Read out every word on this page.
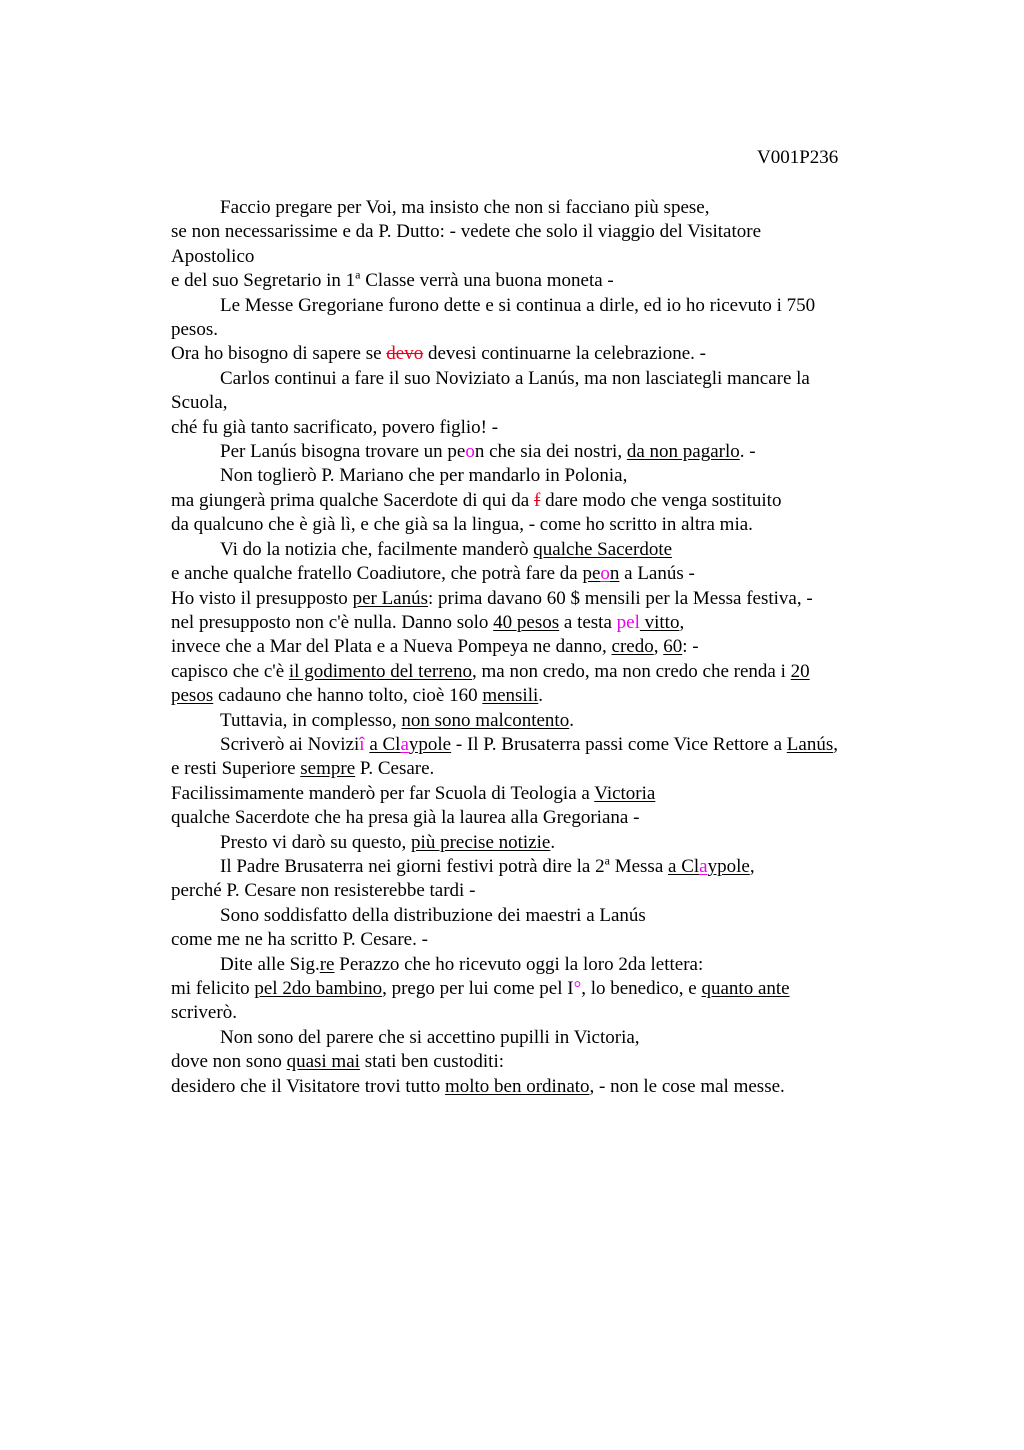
V001P236
Faccio pregare per Voi, ma insisto che non si facciano più spese,
se non necessarissime e da P. Dutto: - vedete che solo il viaggio del Visitatore
Apostolico
e del suo Segretario in 1$^a$ Classe verrà una buona moneta -
Le Messe Gregoriane furono dette e si continua a dirle, ed io ho ricevuto i 750
pesos.
Ora ho bisogno di sapere se devo devesi continuarne la celebrazione. -
Carlos continui a fare il suo Noviziato a Lanús, ma non lasciategli mancare la
Scuola,
ché fu già tanto sacrificato, povero figlio! -
Per Lanús bisogna trovare un peon che sia dei nostri, da non pagarlo. -
Non toglierò P. Mariano che per mandarlo in Polonia,
ma giungerà prima qualche Sacerdote di qui da f dare modo che venga sostituito
da qualcuno che è già lì, e che già sa la lingua, - come ho scritto in altra mia.
Vi do la notizia che, facilmente manderò qualche Sacerdote
e anche qualche fratello Coadiutore, che potrà fare da peon a Lanús -
Ho visto il presupposto per Lanús: prima davano 60 $ mensili per la Messa festiva, -
nel presupposto non c'è nulla. Danno solo 40 pesos a testa pel vitto,
invece che a Mar del Plata e a Nueva Pompeya ne danno, credo, 60: -
capisco che c'è il godimento del terreno, ma non credo, ma non credo che renda i 20
pesos cadauno che hanno tolto, cioè 160 mensili.
Tuttavia, in complesso, non sono malcontento.
Scriverò ai Noviziî a Claypole - Il P. Brusaterra passi come Vice Rettore a Lanús,
e resti Superiore sempre P. Cesare.
Facilissimamente manderò per far Scuola di Teologia a Victoria
qualche Sacerdote che ha presa già la laurea alla Gregoriana -
Presto vi darò su questo, più precise notizie.
Il Padre Brusaterra nei giorni festivi potrà dire la 2$^a$ Messa a Claypole,
perché P. Cesare non resisterebbe tardi -
Sono soddisfatto della distribuzione dei maestri a Lanús
come me ne ha scritto P. Cesare. -
Dite alle Sig.re Perazzo che ho ricevuto oggi la loro 2da lettera:
mi felicito pel 2do bambino, prego per lui come pel I°, lo benedico, e quanto ante
scriverò.
Non sono del parere che si accettino pupilli in Victoria,
dove non sono quasi mai stati ben custoditi:
desidero che il Visitatore trovi tutto molto ben ordinato, - non le cose mal messe.
